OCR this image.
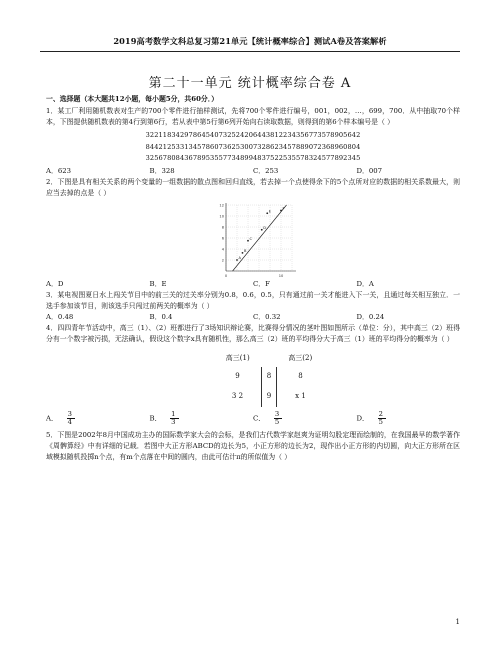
2019高考数学文科总复习第21单元【统计概率综合】测试A卷及答案解析
第二十一单元 统计概率综合卷 A
一、选择题（本大题共12小题，每小题5分，共60分．）
1．某工厂利用随机数表对生产的700个零件进行抽样测试，先将700个零件进行编号，001，002，…，699，700．从中抽取70个样本，下图提供随机数表的第4行到第6行，若从表中第5行第6列开始向右读取数据，则得到的第6个样本编号是（ ）
32211834297864540732524206443812234356773578905642
84421253313457860736253007328623457889072368960804
32567808436789535577348994837522535578324577892345
A．623	B．328	C．253	D．007
2．下图是具有相关关系的两个变量的一组数据的散点图和回归直线，若去掉一个点使得余下的5个点所对应的数据的相关系数最大，则应当去掉的点是（ ）
12
10
8
6
4
2
0	10
A
B
C
D
E
F
A．D	B．E	C．F	D．A
3．某电视图夏日水上闯关节目中的前三关的过关率分别为0.8，0.6，0.5，只有通过前一关才能进入下一关，且通过每关相互独立．一选手参加该节目，则该选手只闯过前两关的概率为（ ）
A．0.48	B．0.4	C．0.32	D．0.24
4．四四青年节活动中，高三（1）、（2）班都进行了3场知识辩论赛，比赛得分情况的茎叶图如图所示（单位：分），其中高三（2）班得分有一个数字被污损，无法确认，假设这个数字x具有随机性，那么高三（2）班的平均得分大于高三（1）班的平均得分的概率为（ ）
高三(1)		高三(2)
9	8	8
3 2	9	x 1
A． $\frac{3}{4}$	B． $\frac{1}{3}$	C． $\frac{3}{5}$	D． $\frac{2}{5}$
5．下图是2002年8月中国成功主办的国际数学家大会的会标，是我们古代数学家赵爽为证明勾股定理而绘制的，在我国最早的数学著作《周髀算经》中有详细的记载．若图中大正方形ABCD的边长为5，小正方形的边长为2，现作出小正方形的内切圆，向大正方形所在区域模拟随机投掷n个点，有m个点落在中间的圆内，由此可估计π的所似值为（ ）
1
